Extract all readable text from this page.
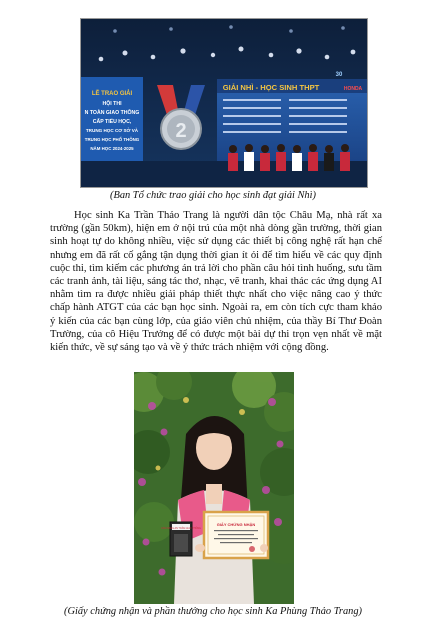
LỄ TRAO GIẢI
HỘI THI
N TOÀN GIAO THÔNG
CẤP TIỂU HỌC,
TRUNG HỌC CƠ SỞ VÀ
TRUNG HỌC PHỔ THÔNG
NĂM HỌC 2024-2025
2
GIẢI NHÌ - HỌC SINH THPT	HONDA
30
(Ban Tổ chức trao giải cho học sinh đạt giải Nhì)

Học sinh Ka Trần Thảo Trang là người dân tộc Châu Mạ, nhà rất xa trường (gần 50km), hiện em ở nội trú của một nhà dòng gần trường, thời gian sinh hoạt tự do không nhiều, việc sử dụng các thiết bị công nghệ rất hạn chế nhưng em đã rất cố gắng tận dụng thời gian ít ỏi để tìm hiểu về các quy định cuộc thi, tìm kiếm các phương án trả lời cho phần câu hỏi tình huống, sưu tầm các tranh ảnh, tài liệu, sáng tác thơ, nhạc, vẽ tranh, khai thác các ứng dụng AI nhằm tìm ra được nhiều giải pháp thiết thực nhất cho việc nâng cao ý thức chấp hành ATGT của các bạn học sinh. Ngoài ra, em còn tích cực tham khảo ý kiến của các bạn cùng lớp, của giáo viên chủ nhiệm, của thầy Bí Thư Đoàn Trường, của cô Hiệu Trưởng để có được một bài dự thi trọn vẹn nhất về mặt kiến thức, về sự sáng tạo và về ý thức trách nhiệm với cộng đồng.

CẨM NANG AN TOÀN GIAO THÔNG
GIẤY CHỨNG NHẬN
(Giấy chứng nhận và phần thưởng cho học sinh Ka Phùng Thảo Trang)
